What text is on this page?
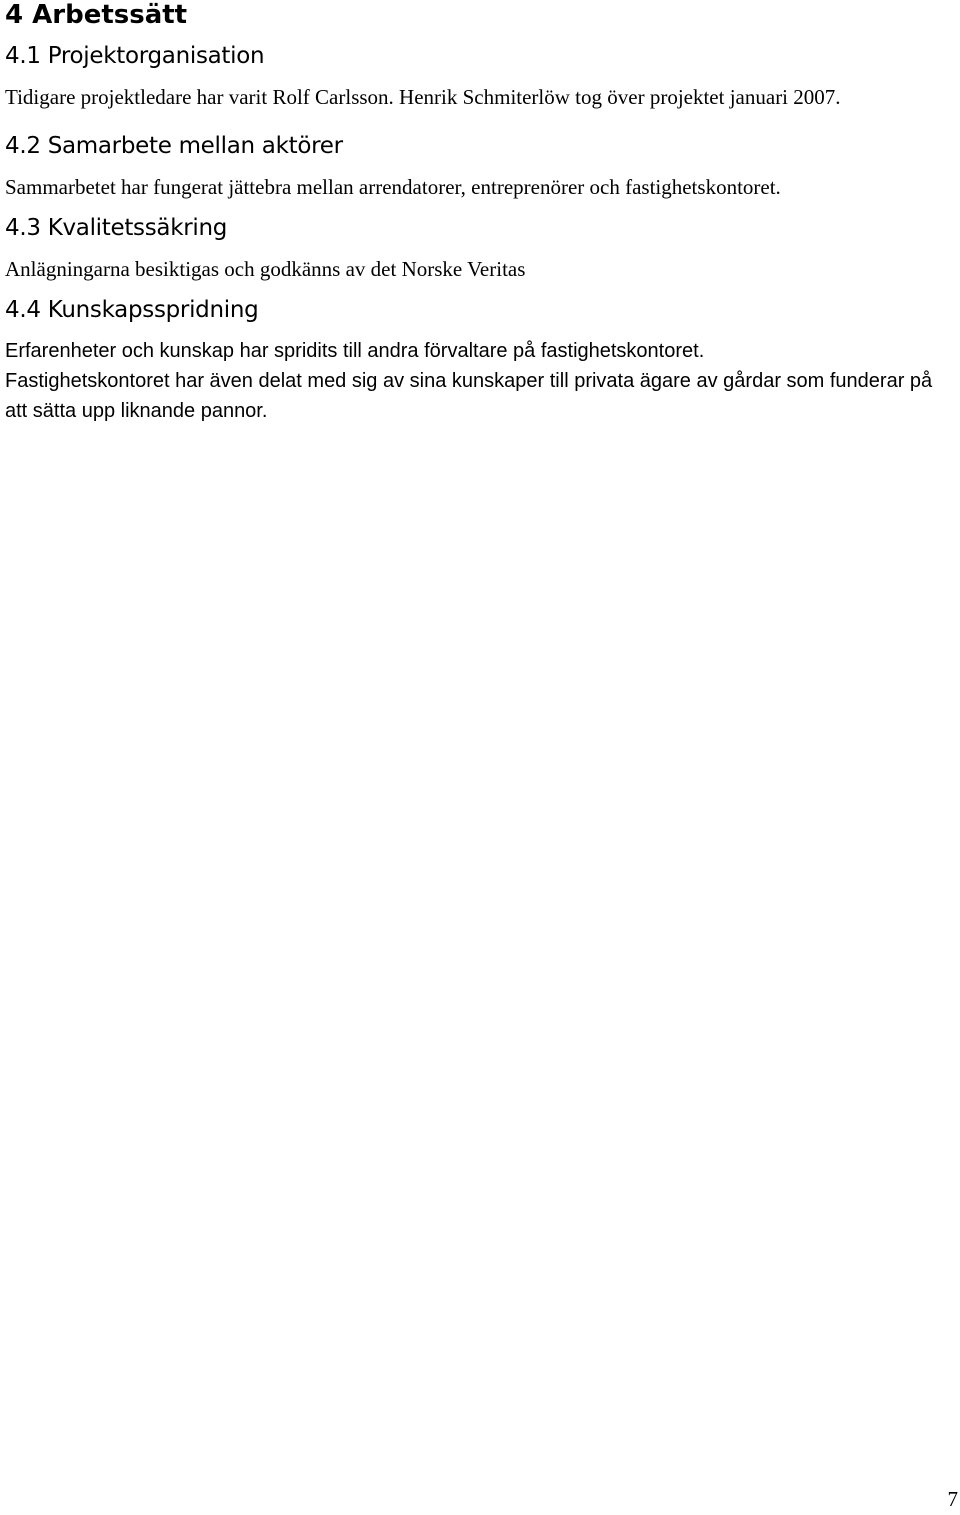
4 Arbetssätt
4.1 Projektorganisation

Tidigare projektledare har varit Rolf Carlsson. Henrik Schmiterlöw tog över projektet januari 2007.

4.2 Samarbete mellan aktörer

Sammarbetet har fungerat jättebra mellan arrendatorer, entreprenörer och fastighetskontoret.

4.3 Kvalitetssäkring

Anlägningarna besiktigas och godkänns av det Norske Veritas

4.4 Kunskapsspridning

Erfarenheter och kunskap har spridits till andra förvaltare på fastighetskontoret.

Fastighetskontoret har även delat med sig av sina kunskaper till privata ägare av gårdar som funderar på att sätta upp liknande pannor.

7
